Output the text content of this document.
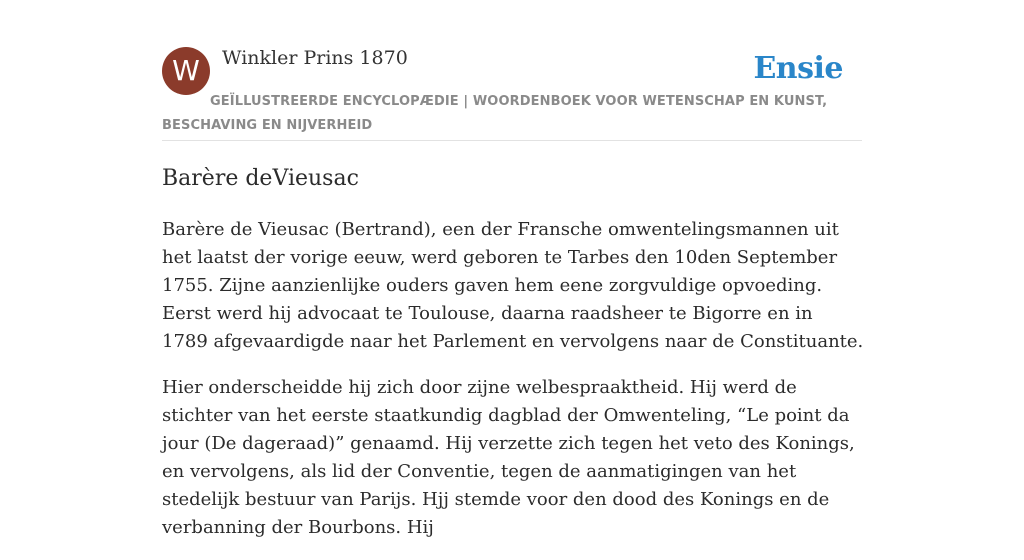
W	Winkler Prins 1870	Ensie
GEÏLLUSTREERDE ENCYCLOPÆDIE | WOORDENBOEK VOOR WETENSCHAP EN KUNST, BESCHAVING EN NIJVERHEID
Barère deVieusac

Barère de Vieusac (Bertrand), een der Fransche omwentelingsmannen uit het laatst der vorige eeuw, werd geboren te Tarbes den 10den September 1755. Zijne aanzienlijke ouders gaven hem eene zorgvuldige opvoeding. Eerst werd hij advocaat te Toulouse, daarna raadsheer te Bigorre en in 1789 afgevaardigde naar het Parlement en vervolgens naar de Constituante.

Hier onderscheidde hij zich door zijne welbespraaktheid. Hij werd de stichter van het eerste staatkundig dagblad der Omwenteling, “Le point da jour (De dageraad)” genaamd. Hij verzette zich tegen het veto des Konings, en vervolgens, als lid der Conventie, tegen de aanmatigingen van het stedelijk bestuur van Parijs. Hjj stemde voor den dood des Konings en de verbanning der Bourbons. Hij
